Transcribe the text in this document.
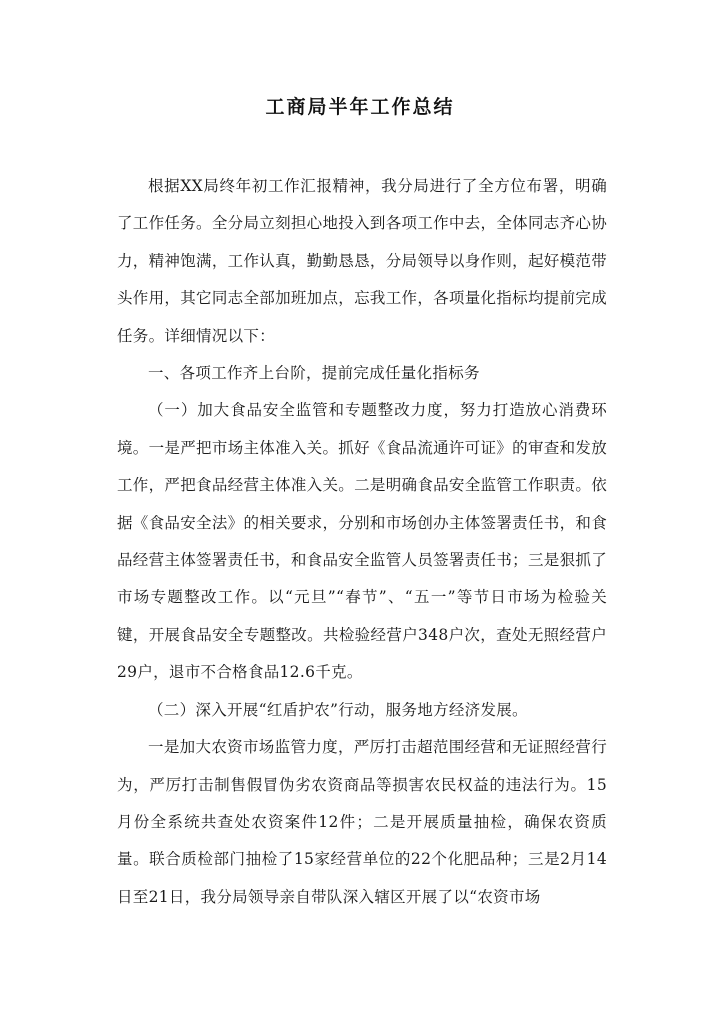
工商局半年工作总结

根据XX局终年初工作汇报精神，我分局进行了全方位布署，明确了工作任务。全分局立刻担心地投入到各项工作中去，全体同志齐心协力，精神饱满，工作认真，勤勤恳恳，分局领导以身作则，起好模范带头作用，其它同志全部加班加点，忘我工作，各项量化指标均提前完成任务。详细情况以下：

一、各项工作齐上台阶，提前完成任量化指标务

（一）加大食品安全监管和专题整改力度，努力打造放心消费环境。一是严把市场主体准入关。抓好《食品流通许可证》的审查和发放工作，严把食品经营主体准入关。二是明确食品安全监管工作职责。依据《食品安全法》的相关要求，分别和市场创办主体签署责任书，和食品经营主体签署责任书，和食品安全监管人员签署责任书；三是狠抓了市场专题整改工作。以“元旦”“春节”、“五一”等节日市场为检验关键，开展食品安全专题整改。共检验经营户348户次，查处无照经营户29户，退市不合格食品12.6千克。

（二）深入开展“红盾护农”行动，服务地方经济发展。

一是加大农资市场监管力度，严厉打击超范围经营和无证照经营行为，严厉打击制售假冒伪劣农资商品等损害农民权益的违法行为。15月份全系统共查处农资案件12件；二是开展质量抽检，确保农资质量。联合质检部门抽检了15家经营单位的22个化肥品种；三是2月14日至21日，我分局领导亲自带队深入辖区开展了以“农资市场
